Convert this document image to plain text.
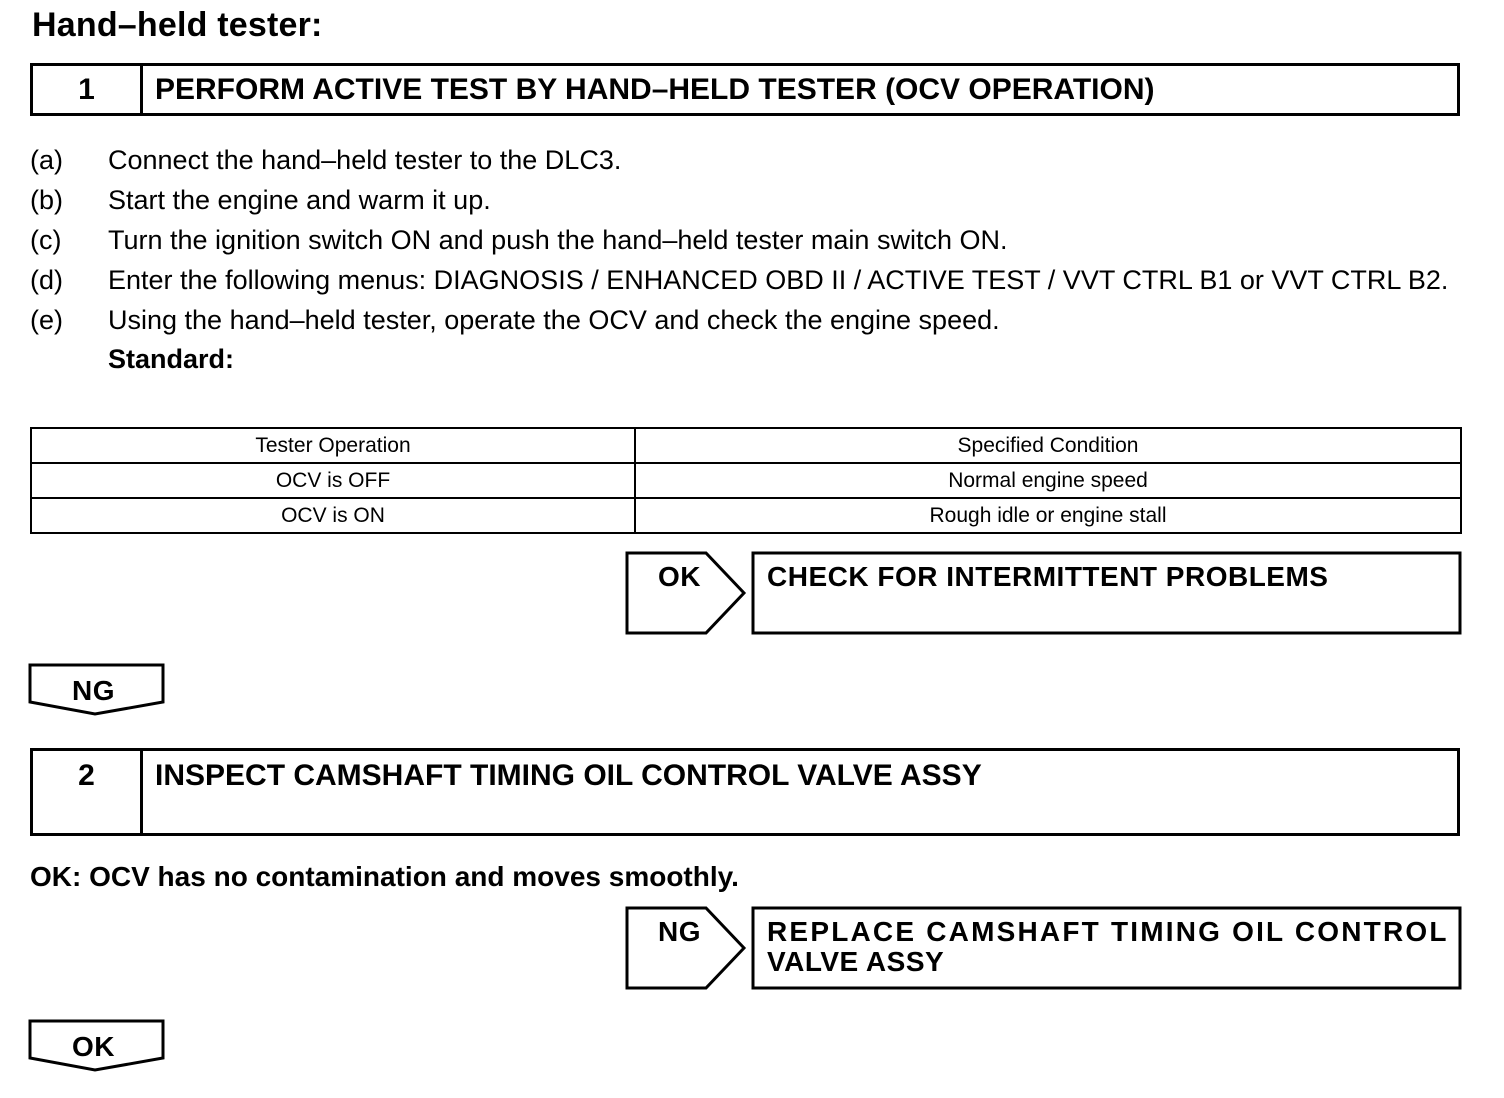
Hand–held tester:
1	PERFORM ACTIVE TEST BY HAND–HELD TESTER (OCV OPERATION)
(a)	Connect the hand–held tester to the DLC3.
(b)	Start the engine and warm it up.
(c)	Turn the ignition switch ON and push the hand–held tester main switch ON.
(d)	Enter the following menus: DIAGNOSIS / ENHANCED OBD II / ACTIVE TEST / VVT CTRL B1 or VVT CTRL B2.
(e)	Using the hand–held tester, operate the OCV and check the engine speed.
Standard:
Tester Operation	Specified Condition
OCV is OFF	Normal engine speed
OCV is ON	Rough idle or engine stall
OK CHECK FOR INTERMITTENT PROBLEMS
NG
NG REPLACE CAMSHAFT TIMING OIL CONTROL
VALVE ASSY
OK
2	INSPECT CAMSHAFT TIMING OIL CONTROL VALVE ASSY
OK: OCV has no contamination and moves smoothly.
